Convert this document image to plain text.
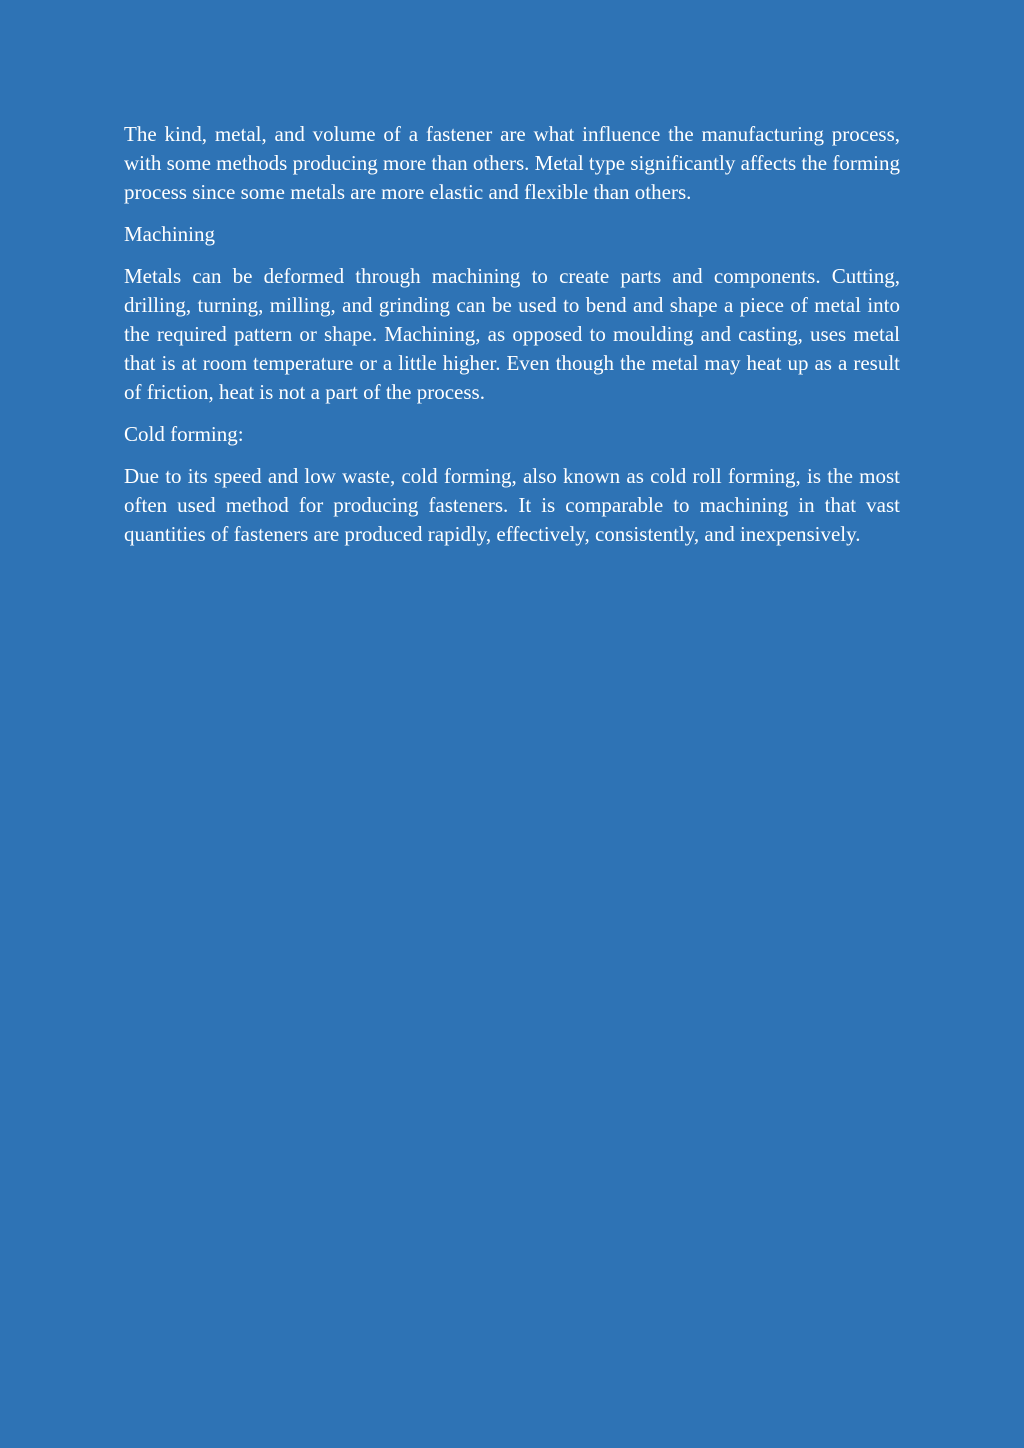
The kind, metal, and volume of a fastener are what influence the manufacturing process, with some methods producing more than others. Metal type significantly affects the forming process since some metals are more elastic and flexible than others.

Machining

Metals can be deformed through machining to create parts and components. Cutting, drilling, turning, milling, and grinding can be used to bend and shape a piece of metal into the required pattern or shape. Machining, as opposed to moulding and casting, uses metal that is at room temperature or a little higher. Even though the metal may heat up as a result of friction, heat is not a part of the process.

Cold forming:

Due to its speed and low waste, cold forming, also known as cold roll forming, is the most often used method for producing fasteners. It is comparable to machining in that vast quantities of fasteners are produced rapidly, effectively, consistently, and inexpensively.
